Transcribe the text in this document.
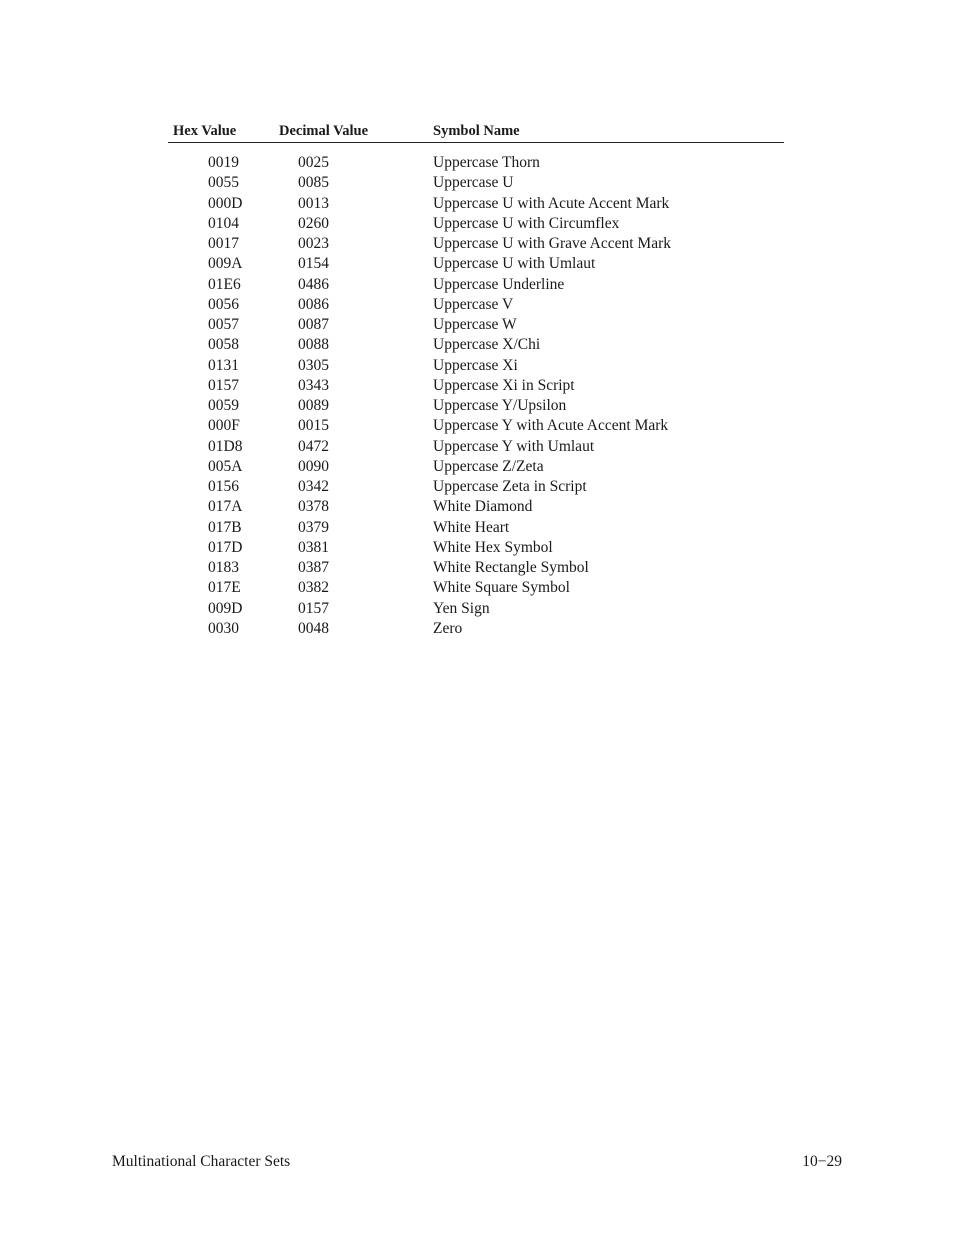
Hex Value	Decimal Value	Symbol Name
0019	0025	Uppercase Thorn
0055	0085	Uppercase U
000D	0013	Uppercase U with Acute Accent Mark
0104	0260	Uppercase U with Circumflex
0017	0023	Uppercase U with Grave Accent Mark
009A	0154	Uppercase U with Umlaut
01E6	0486	Uppercase Underline
0056	0086	Uppercase V
0057	0087	Uppercase W
0058	0088	Uppercase X/Chi
0131	0305	Uppercase Xi
0157	0343	Uppercase Xi in Script
0059	0089	Uppercase Y/Upsilon
000F	0015	Uppercase Y with Acute Accent Mark
01D8	0472	Uppercase Y with Umlaut
005A	0090	Uppercase Z/Zeta
0156	0342	Uppercase Zeta in Script
017A	0378	White Diamond
017B	0379	White Heart
017D	0381	White Hex Symbol
0183	0387	White Rectangle Symbol
017E	0382	White Square Symbol
009D	0157	Yen Sign
0030	0048	Zero
Multinational Character Sets	10−29
